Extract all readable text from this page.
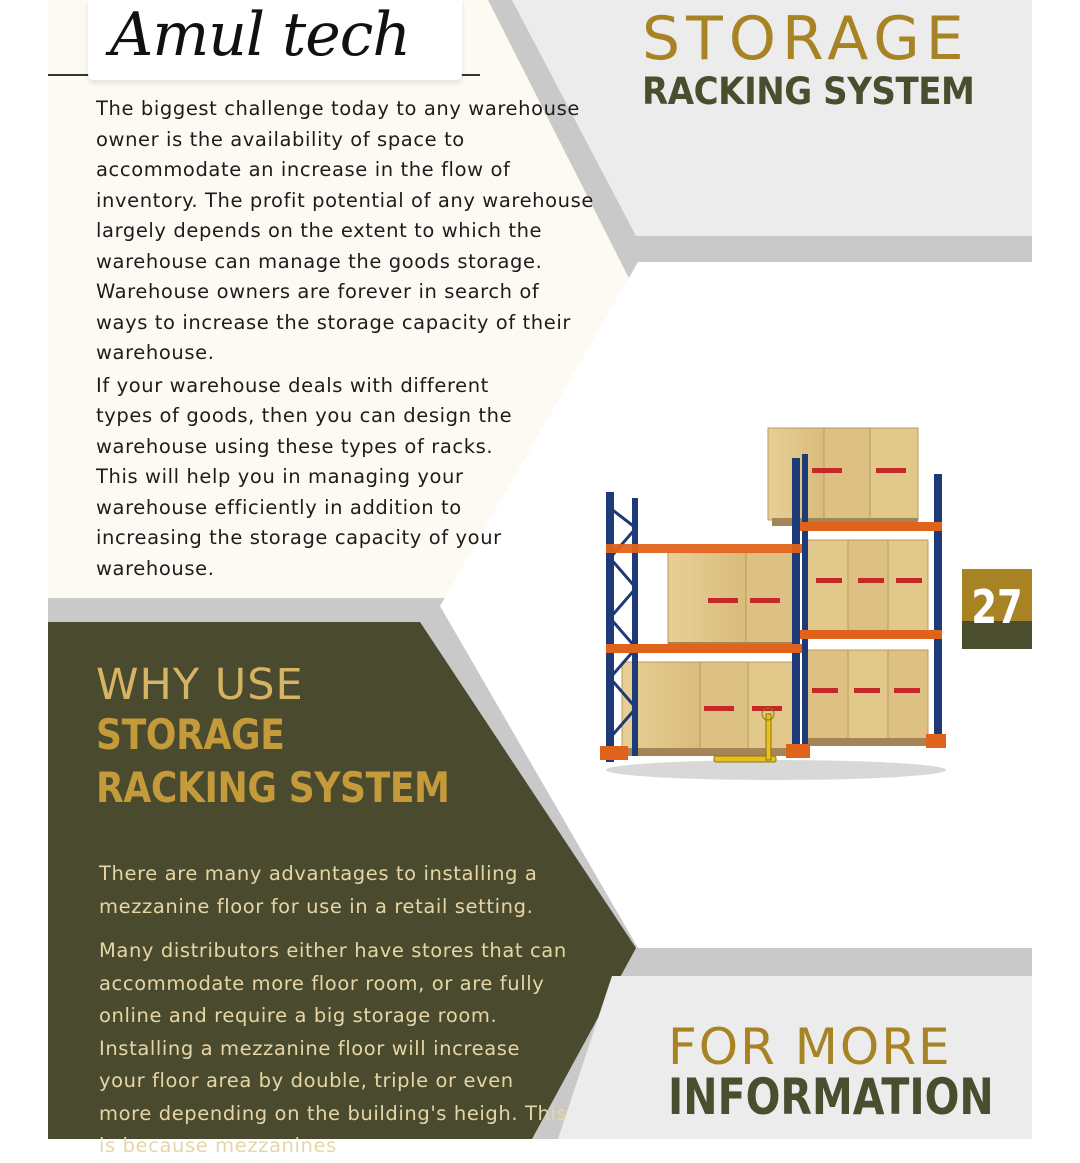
Amul tech

The biggest challenge today to any warehouse owner is the availability of space to accommodate an increase in the flow of inventory. The profit potential of any warehouse largely depends on the extent to which the warehouse can manage the goods storage. Warehouse owners are forever in search of ways to increase the storage capacity of their warehouse.

If your warehouse deals with different types of goods, then you can design the warehouse using these types of racks. This will help you in managing your warehouse efficiently in addition to increasing the storage capacity of your warehouse.

STORAGE
RACKING SYSTEM
27
WHY USE
STORAGE
RACKING SYSTEM

There are many advantages to installing a mezzanine floor for use in a retail setting.

Many distributors either have stores that can accommodate more floor room, or are fully online and require a big storage room. Installing a mezzanine floor will increase your floor area by double, triple or even more depending on the building's heigh. This is because mezzanines

FOR MORE
INFORMATION
